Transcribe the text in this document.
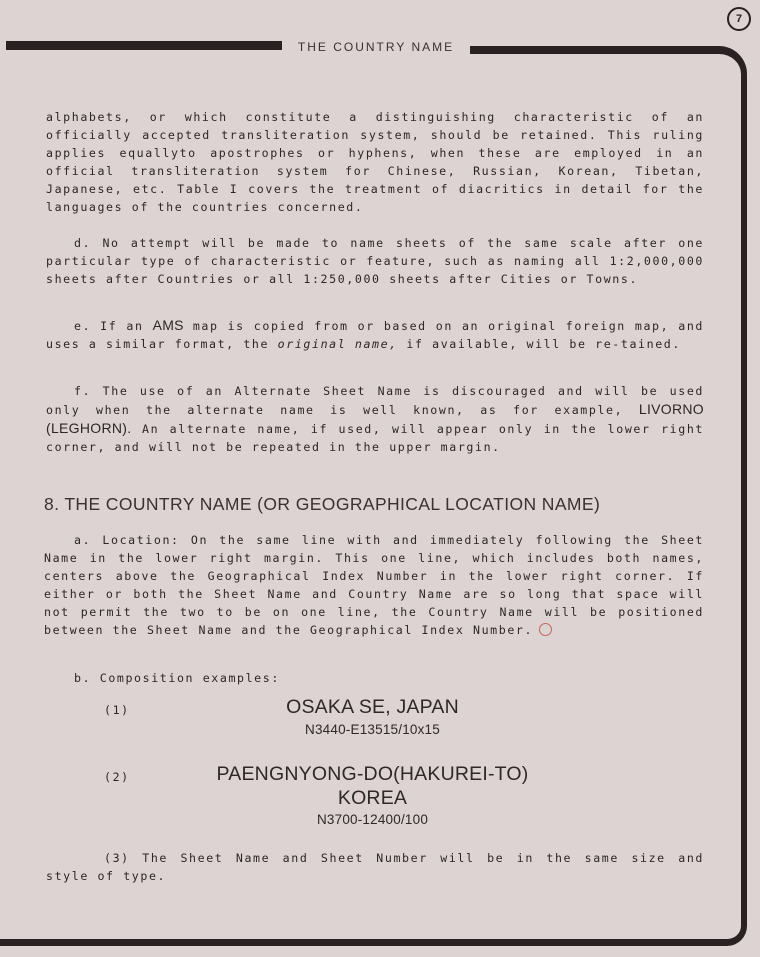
7
THE COUNTRY NAME

alphabets, or which constitute a distinguishing characteristic of an officially accepted transliteration system, should be retained. This ruling applies equallyto apostrophes or hyphens, when these are employed in an official transliteration system for Chinese, Russian, Korean, Tibetan, Japanese, etc. Table I covers the treatment of diacritics in detail for the languages of the countries concerned.

d. No attempt will be made to name sheets of the same scale after one particular type of characteristic or feature, such as naming all 1:2,000,000 sheets after Countries or all 1:250,000 sheets after Cities or Towns.

e. If an AMS map is copied from or based on an original foreign map, and uses a similar format, the original name, if available, will be re-tained.

f. The use of an Alternate Sheet Name is discouraged and will be used only when the alternate name is well known, as for example, LIVORNO (LEGHORN). An alternate name, if used, will appear only in the lower right corner, and will not be repeated in the upper margin.

8. THE COUNTRY NAME (OR GEOGRAPHICAL LOCATION NAME)

a. Location: On the same line with and immediately following the Sheet Name in the lower right margin. This one line, which includes both names, centers above the Geographical Index Number in the lower right corner. If either or both the Sheet Name and Country Name are so long that space will not permit the two to be on one line, the Country Name will be positioned between the Sheet Name and the Geographical Index Number.

b. Composition examples:
(1)	OSAKA SE, JAPAN
N3440-E13515/10x15
(2)	PAENGNYONG-DO(HAKUREI-TO)
KOREA
N3700-12400/100

(3) The Sheet Name and Sheet Number will be in the same size and style of type.
